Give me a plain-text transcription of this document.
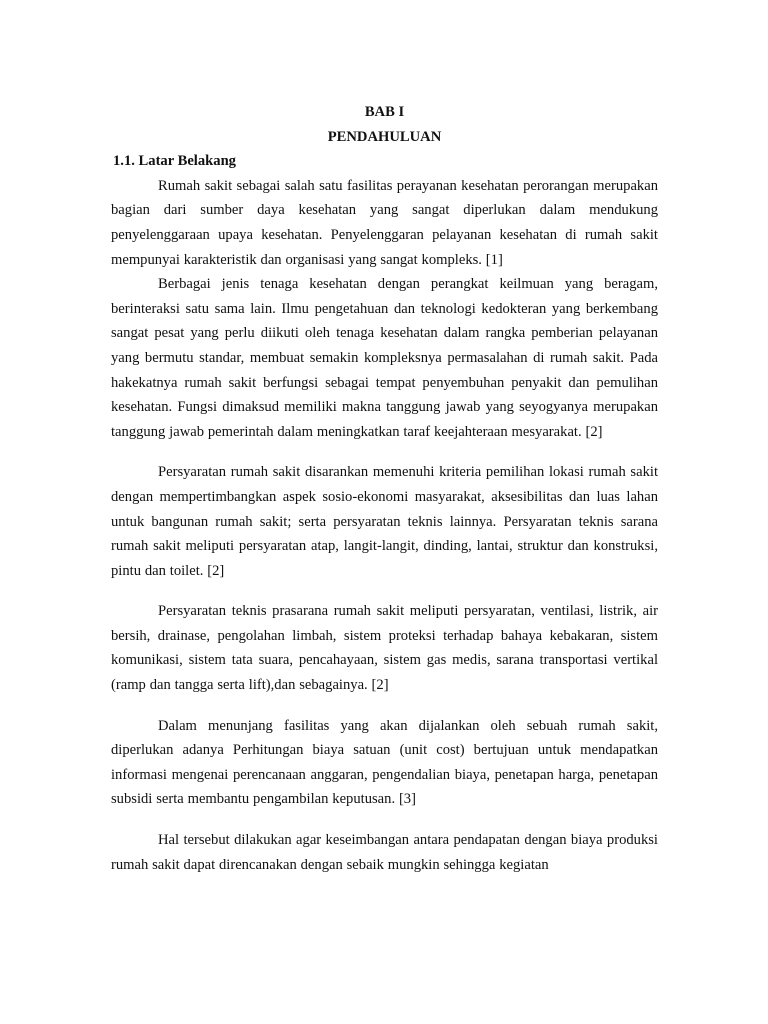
BAB I

PENDAHULUAN

1.1. Latar Belakang

Rumah sakit sebagai salah satu fasilitas perayanan kesehatan perorangan merupakan bagian dari sumber daya kesehatan yang sangat diperlukan dalam mendukung penyelenggaraan upaya kesehatan. Penyelenggaran pelayanan kesehatan di rumah sakit mempunyai karakteristik dan organisasi yang sangat kompleks. [1]

Berbagai jenis tenaga kesehatan dengan perangkat keilmuan yang beragam, berinteraksi satu sama lain. Ilmu pengetahuan dan teknologi kedokteran yang berkembang sangat pesat yang perlu diikuti oleh tenaga kesehatan dalam rangka pemberian pelayanan yang bermutu standar, membuat semakin kompleksnya permasalahan di rumah sakit. Pada hakekatnya rumah sakit berfungsi sebagai tempat penyembuhan penyakit dan pemulihan kesehatan. Fungsi dimaksud memiliki makna tanggung jawab yang seyogyanya merupakan tanggung jawab pemerintah dalam meningkatkan taraf keejahteraan mesyarakat. [2]

Persyaratan rumah sakit disarankan memenuhi kriteria pemilihan lokasi rumah sakit dengan mempertimbangkan aspek sosio-ekonomi masyarakat, aksesibilitas dan luas lahan untuk bangunan rumah sakit; serta persyaratan teknis lainnya. Persyaratan teknis sarana rumah sakit meliputi persyaratan atap, langit-langit, dinding, lantai, struktur dan konstruksi, pintu dan toilet. [2]

Persyaratan teknis prasarana rumah sakit meliputi persyaratan, ventilasi, listrik, air bersih, drainase, pengolahan limbah, sistem proteksi terhadap bahaya kebakaran, sistem komunikasi, sistem tata suara, pencahayaan, sistem gas medis, sarana transportasi vertikal (ramp dan tangga serta lift),dan sebagainya. [2]

Dalam menunjang fasilitas yang akan dijalankan oleh sebuah rumah sakit, diperlukan adanya Perhitungan biaya satuan (unit cost) bertujuan untuk mendapatkan informasi mengenai perencanaan anggaran, pengendalian biaya, penetapan harga, penetapan subsidi serta membantu pengambilan keputusan. [3]

Hal tersebut dilakukan agar keseimbangan antara pendapatan dengan biaya produksi rumah sakit dapat direncanakan dengan sebaik mungkin sehingga kegiatan
